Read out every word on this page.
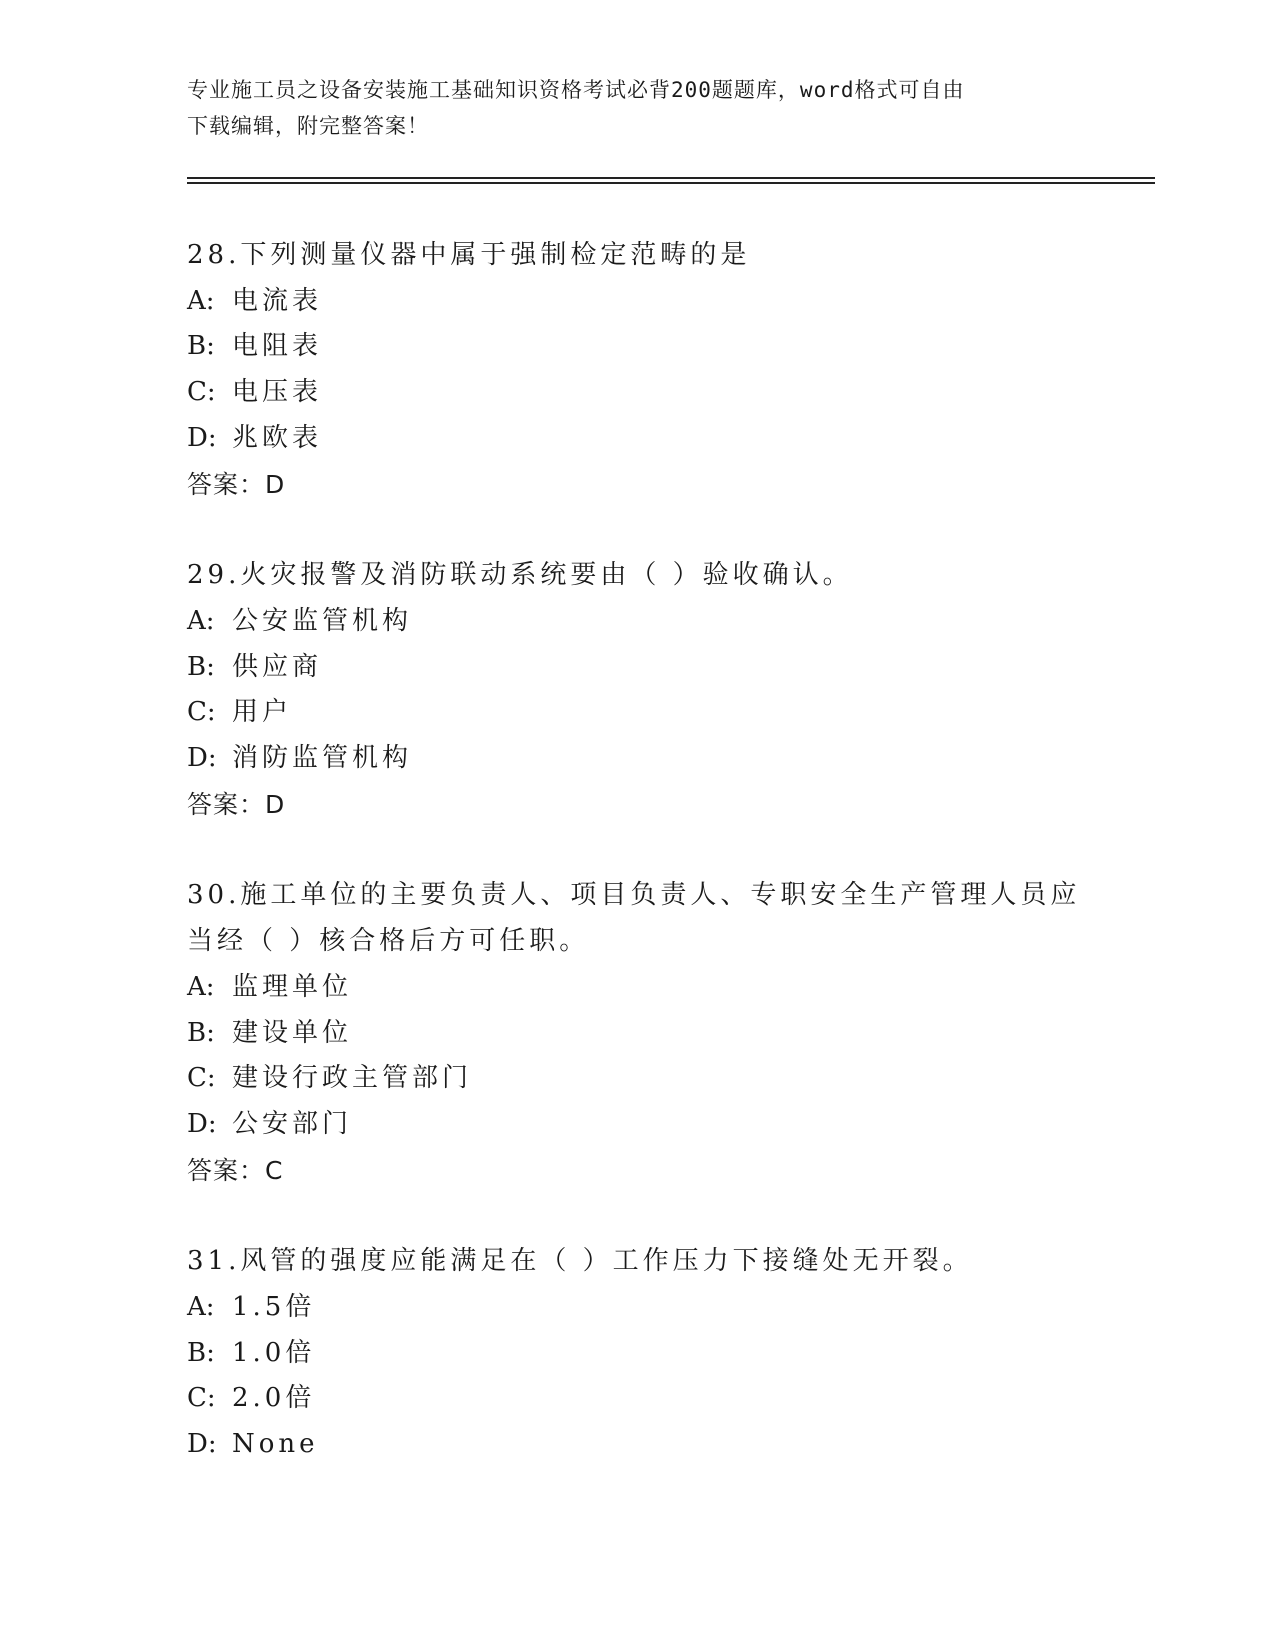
专业施工员之设备安装施工基础知识资格考试必背200题题库，word格式可自由
下载编辑，附完整答案！
28.下列测量仪器中属于强制检定范畴的是
A: 电流表
B: 电阻表
C: 电压表
D: 兆欧表
答案：D
29.火灾报警及消防联动系统要由（ ）验收确认。
A: 公安监管机构
B: 供应商
C: 用户
D: 消防监管机构
答案：D
30.施工单位的主要负责人、项目负责人、专职安全生产管理人员应当经（ ）核合格后方可任职。
A: 监理单位
B: 建设单位
C: 建设行政主管部门
D: 公安部门
答案：C
31.风管的强度应能满足在（ ）工作压力下接缝处无开裂。
A: 1.5倍
B: 1.0倍
C: 2.0倍
D: None
